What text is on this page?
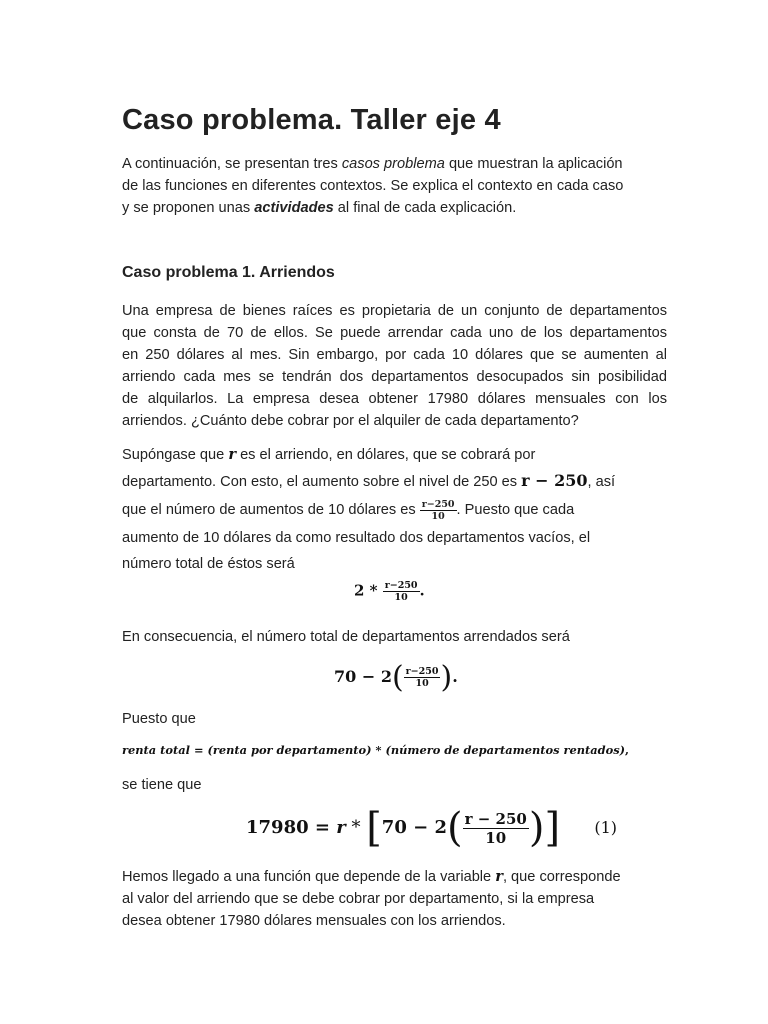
Caso problema. Taller eje 4

A continuación, se presentan tres casos problema que muestran la aplicación
de las funciones en diferentes contextos. Se explica el contexto en cada caso
y se proponen unas actividades al final de cada explicación.

Caso problema 1. Arriendos

Una empresa de bienes raíces es propietaria de un conjunto de departamentos
que consta de 70 de ellos. Se puede arrendar cada uno de los departamentos
en 250 dólares al mes. Sin embargo, por cada 10 dólares que se aumenten al
arriendo cada mes se tendrán dos departamentos desocupados sin posibilidad
de alquilarlos. La empresa desea obtener 17980 dólares mensuales con los
arriendos. ¿Cuánto debe cobrar por el alquiler de cada departamento?

Supóngase que r es el arriendo, en dólares, que se cobrará por
departamento. Con esto, el aumento sobre el nivel de 250 es r − 250, así
que el número de aumentos de 10 dólares es $\frac{r-250}{10}$ . Puesto que cada
aumento de 10 dólares da como resultado dos departamentos vacíos, el
número total de éstos será
$2 * \frac{r-250}{10}$ .

En consecuencia, el número total de departamentos arrendados será

$70 - 2( \frac{r-250}{10}$ ).

Puesto que

renta total = (renta por departamento) * (número de departamentos rentados),

se tiene que

$17980 = r * [70 - 2( \frac{r - 250}{10}$ )] (1)

Hemos llegado a una función que depende de la variable r, que corresponde
al valor del arriendo que se debe cobrar por departamento, si la empresa
desea obtener 17980 dólares mensuales con los arriendos.
